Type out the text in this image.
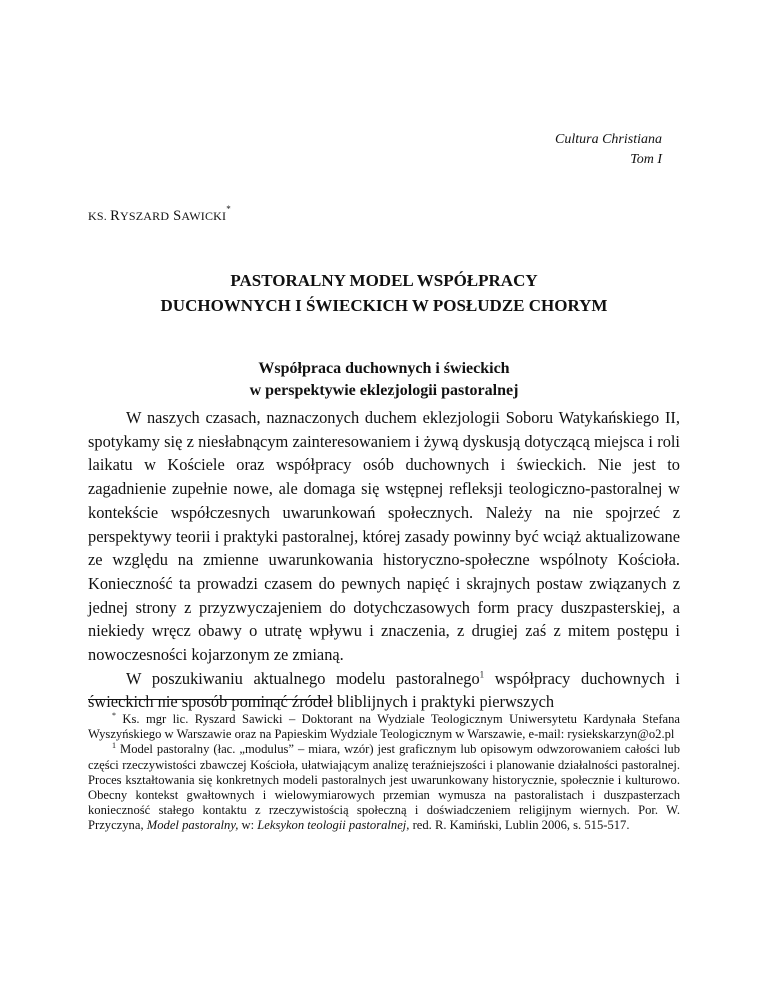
Cultura Christiana
Tom I
KS. RYSZARD SAWICKI*
PASTORALNY MODEL WSPÓŁPRACY
DUCHOWNYCH I ŚWIECKICH W POSŁUDZE CHORYM
Współpraca duchownych i świeckich
w perspektywie eklezjologii pastoralnej

W naszych czasach, naznaczonych duchem eklezjologii Soboru Watykańskiego II, spotykamy się z niesłabnącym zainteresowaniem i żywą dyskusją dotyczącą miejsca i roli laikatu w Kościele oraz współpracy osób duchownych i świeckich. Nie jest to zagadnienie zupełnie nowe, ale domaga się wstępnej refleksji teologiczno-pastoralnej w kontekście współczesnych uwarunkowań społecznych. Należy na nie spojrzeć z perspektywy teorii i praktyki pastoralnej, której zasady powinny być wciąż aktualizowane ze względu na zmienne uwarunkowania historyczno-społeczne wspólnoty Kościoła. Konieczność ta prowadzi czasem do pewnych napięć i skrajnych postaw związanych z jednej strony z przyzwyczajeniem do dotychczasowych form pracy duszpasterskiej, a niekiedy wręcz obawy o utratę wpływu i znaczenia, z drugiej zaś z mitem postępu i nowoczesności kojarzonym ze zmianą.

W poszukiwaniu aktualnego modelu pastoralnego$^1$ współpracy duchownych i świeckich nie sposób pominąć źródeł bliblijnych i praktyki pierwszych

* Ks. mgr lic. Ryszard Sawicki – Doktorant na Wydziale Teologicznym Uniwersytetu Kardynała Stefana Wyszyńskiego w Warszawie oraz na Papieskim Wydziale Teologicznym w Warszawie, e-mail: rysiekskarzyn@o2.pl

$^1$ Model pastoralny (łac. „modulus” – miara, wzór) jest graficznym lub opisowym odwzorowaniem całości lub części rzeczywistości zbawczej Kościoła, ułatwiającym analizę teraźniejszości i planowanie działalności pastoralnej. Proces kształtowania się konkretnych modeli pastoralnych jest uwarunkowany historycznie, społecznie i kulturowo. Obecny kontekst gwałtownych i wielowymiarowych przemian wymusza na pastoralistach i duszpasterzach konieczność stałego kontaktu z rzeczywistością społeczną i doświadczeniem religijnym wiernych. Por. W. Przyczyna, Model pastoralny, w: Leksykon teologii pastoralnej, red. R. Kamiński, Lublin 2006, s. 515-517.
